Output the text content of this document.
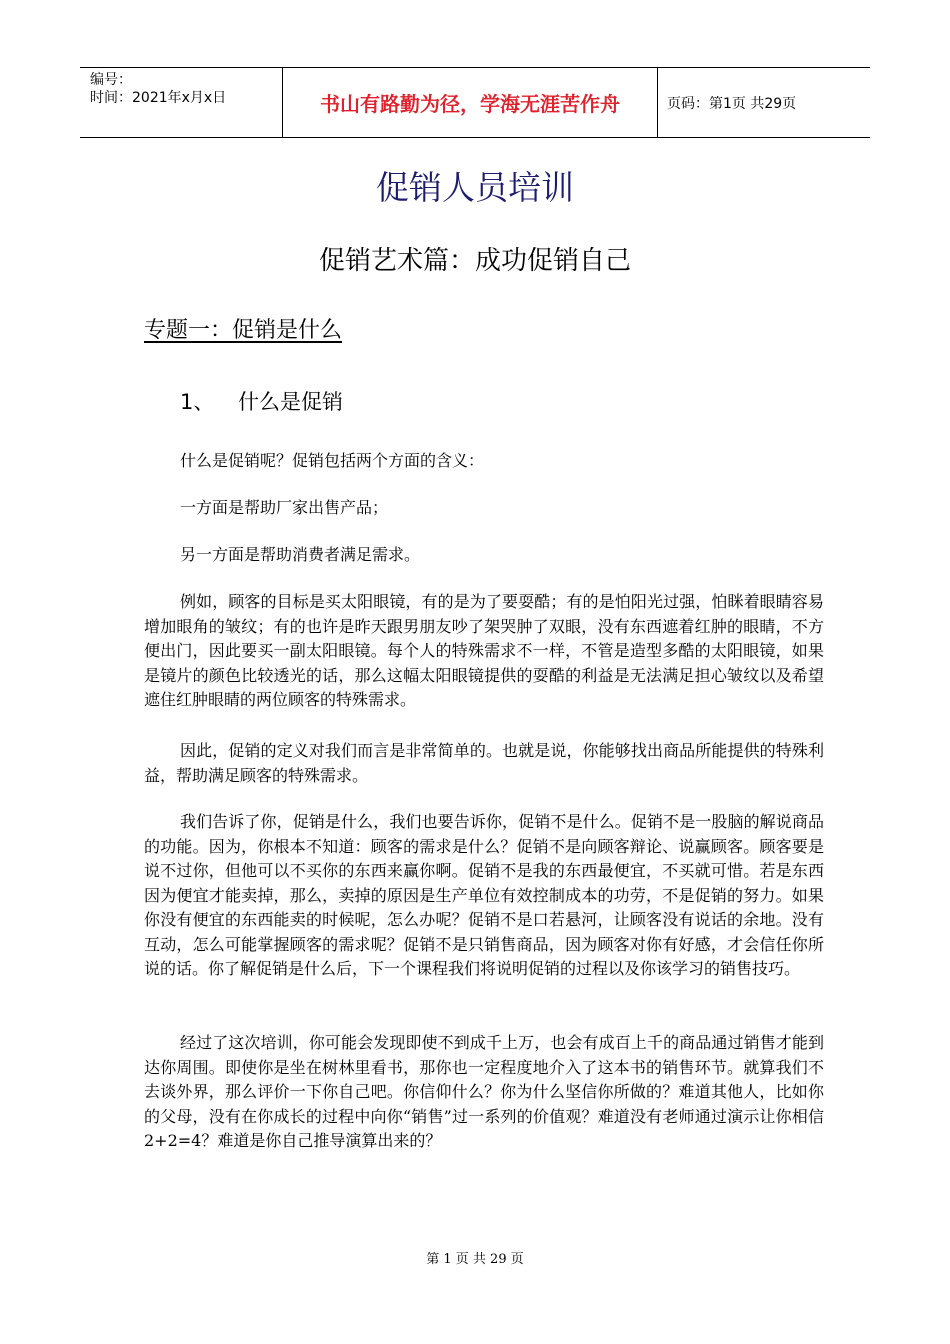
编号：
时间：2021年x月x日	书山有路勤为径，学海无涯苦作舟	页码：第1页 共29页
促销人员培训
促销艺术篇：成功促销自己
专题一：促销是什么
1、 什么是促销

什么是促销呢？促销包括两个方面的含义：

一方面是帮助厂家出售产品；

另一方面是帮助消费者满足需求。

例如，顾客的目标是买太阳眼镜，有的是为了要耍酷；有的是怕阳光过强，怕眯着眼睛容易增加眼角的皱纹；有的也许是昨天跟男朋友吵了架哭肿了双眼，没有东西遮着红肿的眼睛，不方便出门，因此要买一副太阳眼镜。每个人的特殊需求不一样，不管是造型多酷的太阳眼镜，如果是镜片的颜色比较透光的话，那么这幅太阳眼镜提供的耍酷的利益是无法满足担心皱纹以及希望遮住红肿眼睛的两位顾客的特殊需求。

因此，促销的定义对我们而言是非常简单的。也就是说，你能够找出商品所能提供的特殊利益，帮助满足顾客的特殊需求。

我们告诉了你，促销是什么，我们也要告诉你，促销不是什么。促销不是一股脑的解说商品的功能。因为，你根本不知道：顾客的需求是什么？促销不是向顾客辩论、说赢顾客。顾客要是说不过你，但他可以不买你的东西来赢你啊。促销不是我的东西最便宜，不买就可惜。若是东西因为便宜才能卖掉，那么，卖掉的原因是生产单位有效控制成本的功劳，不是促销的努力。如果你没有便宜的东西能卖的时候呢，怎么办呢？促销不是口若悬河，让顾客没有说话的余地。没有互动，怎么可能掌握顾客的需求呢？促销不是只销售商品，因为顾客对你有好感，才会信任你所说的话。你了解促销是什么后，下一个课程我们将说明促销的过程以及你该学习的销售技巧。

经过了这次培训，你可能会发现即使不到成千上万，也会有成百上千的商品通过销售才能到达你周围。即使你是坐在树林里看书，那你也一定程度地介入了这本书的销售环节。就算我们不去谈外界，那么评价一下你自己吧。你信仰什么？你为什么坚信你所做的？难道其他人，比如你的父母，没有在你成长的过程中向你“销售”过一系列的价值观？难道没有老师通过演示让你相信2+2=4？难道是你自己推导演算出来的？

第 1 页 共 29 页
